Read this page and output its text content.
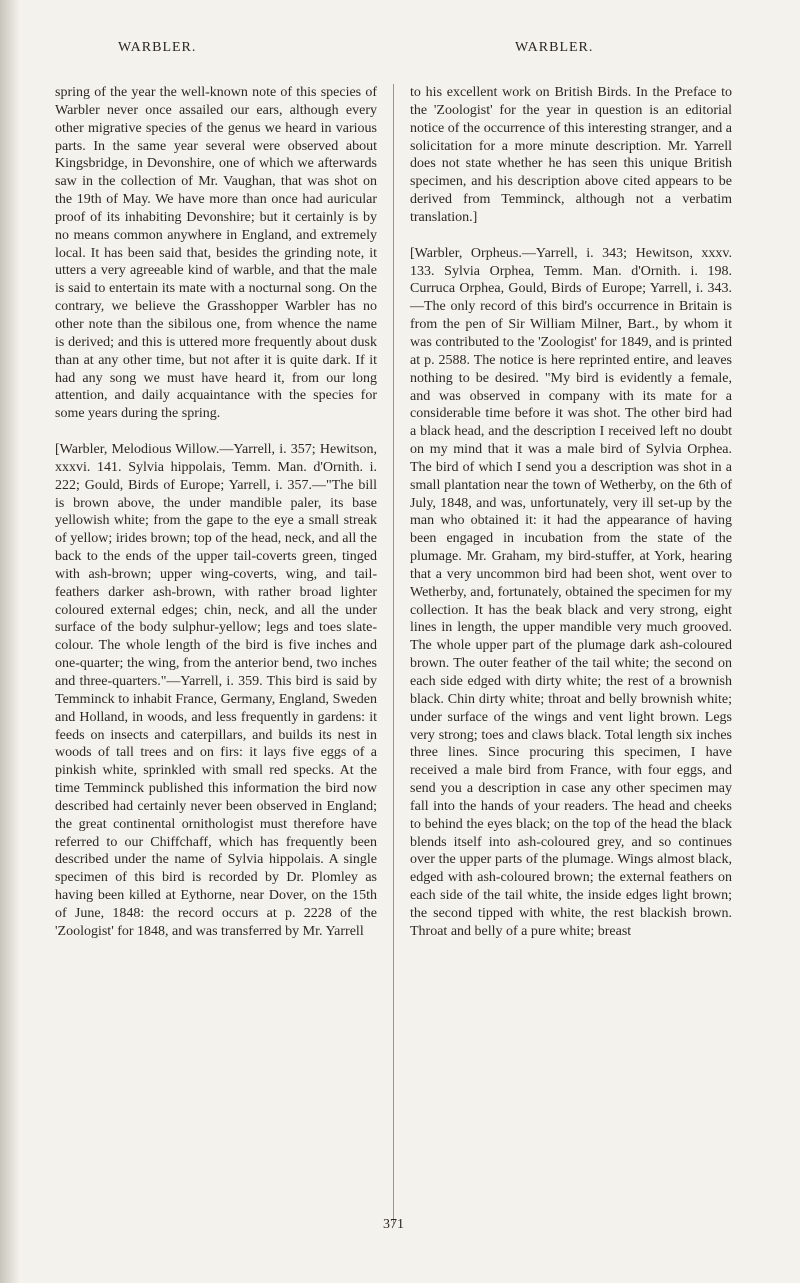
WARBLER.	WARBLER.

spring of the year the well-known note of this species of Warbler never once assailed our ears, although every other migrative species of the genus we heard in various parts. In the same year several were observed about Kingsbridge, in Devonshire, one of which we afterwards saw in the collection of Mr. Vaughan, that was shot on the 19th of May. We have more than once had auricular proof of its inhabiting Devonshire; but it certainly is by no means common anywhere in England, and extremely local. It has been said that, besides the grinding note, it utters a very agreeable kind of warble, and that the male is said to entertain its mate with a nocturnal song. On the contrary, we believe the Grasshopper Warbler has no other note than the sibilous one, from whence the name is derived; and this is uttered more frequently about dusk than at any other time, but not after it is quite dark. If it had any song we must have heard it, from our long attention, and daily acquaintance with the species for some years during the spring.

[Warbler, Melodious Willow.—Yarrell, i. 357; Hewitson, xxxvi. 141. Sylvia hippolais, Temm. Man. d'Ornith. i. 222; Gould, Birds of Europe; Yarrell, i. 357.—"The bill is brown above, the under mandible paler, its base yellowish white; from the gape to the eye a small streak of yellow; irides brown; top of the head, neck, and all the back to the ends of the upper tail-coverts green, tinged with ash-brown; upper wing-coverts, wing, and tail-feathers darker ash-brown, with rather broad lighter coloured external edges; chin, neck, and all the under surface of the body sulphur-yellow; legs and toes slate-colour. The whole length of the bird is five inches and one-quarter; the wing, from the anterior bend, two inches and three-quarters."—Yarrell, i. 359. This bird is said by Temminck to inhabit France, Germany, England, Sweden and Holland, in woods, and less frequently in gardens: it feeds on insects and caterpillars, and builds its nest in woods of tall trees and on firs: it lays five eggs of a pinkish white, sprinkled with small red specks. At the time Temminck published this information the bird now described had certainly never been observed in England; the great continental ornithologist must therefore have referred to our Chiffchaff, which has frequently been described under the name of Sylvia hippolais. A single specimen of this bird is recorded by Dr. Plomley as having been killed at Eythorne, near Dover, on the 15th of June, 1848: the record occurs at p. 2228 of the 'Zoologist' for 1848, and was transferred by Mr. Yarrell

to his excellent work on British Birds. In the Preface to the 'Zoologist' for the year in question is an editorial notice of the occurrence of this interesting stranger, and a solicitation for a more minute description. Mr. Yarrell does not state whether he has seen this unique British specimen, and his description above cited appears to be derived from Temminck, although not a verbatim translation.]

[Warbler, Orpheus.—Yarrell, i. 343; Hewitson, xxxv. 133. Sylvia Orphea, Temm. Man. d'Ornith. i. 198. Curruca Orphea, Gould, Birds of Europe; Yarrell, i. 343.—The only record of this bird's occurrence in Britain is from the pen of Sir William Milner, Bart., by whom it was contributed to the 'Zoologist' for 1849, and is printed at p. 2588. The notice is here reprinted entire, and leaves nothing to be desired. "My bird is evidently a female, and was observed in company with its mate for a considerable time before it was shot. The other bird had a black head, and the description I received left no doubt on my mind that it was a male bird of Sylvia Orphea. The bird of which I send you a description was shot in a small plantation near the town of Wetherby, on the 6th of July, 1848, and was, unfortunately, very ill set-up by the man who obtained it: it had the appearance of having been engaged in incubation from the state of the plumage. Mr. Graham, my bird-stuffer, at York, hearing that a very uncommon bird had been shot, went over to Wetherby, and, fortunately, obtained the specimen for my collection. It has the beak black and very strong, eight lines in length, the upper mandible very much grooved. The whole upper part of the plumage dark ash-coloured brown. The outer feather of the tail white; the second on each side edged with dirty white; the rest of a brownish black. Chin dirty white; throat and belly brownish white; under surface of the wings and vent light brown. Legs very strong; toes and claws black. Total length six inches three lines. Since procuring this specimen, I have received a male bird from France, with four eggs, and send you a description in case any other specimen may fall into the hands of your readers. The head and cheeks to behind the eyes black; on the top of the head the black blends itself into ash-coloured grey, and so continues over the upper parts of the plumage. Wings almost black, edged with ash-coloured brown; the external feathers on each side of the tail white, the inside edges light brown; the second tipped with white, the rest blackish brown. Throat and belly of a pure white; breast

371
